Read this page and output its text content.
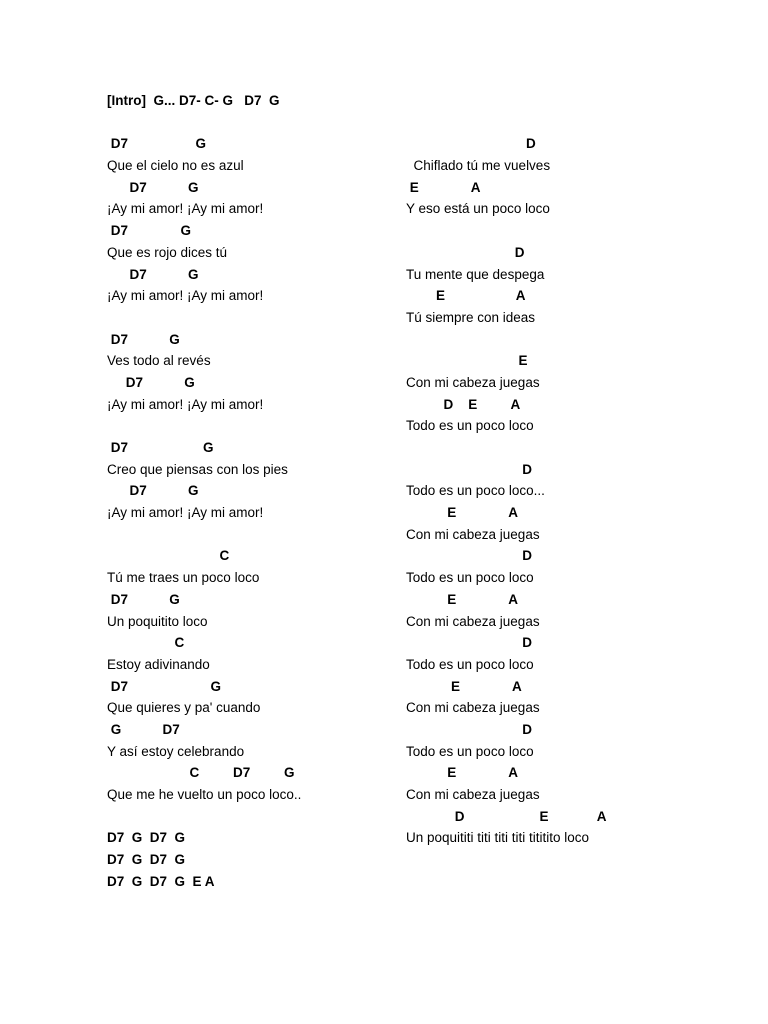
[Intro]  G... D7- C- G   D7  G
D7                  G
Que el cielo no es azul
D7           G
¡Ay mi amor! ¡Ay mi amor!
D7              G
Que es rojo dices tú
D7           G
¡Ay mi amor! ¡Ay mi amor!
D7           G
Ves todo al revés
D7           G
¡Ay mi amor! ¡Ay mi amor!
D7                    G
Creo que piensas con los pies
D7           G
¡Ay mi amor! ¡Ay mi amor!
C
Tú me traes un poco loco
D7           G
Un poquitito loco
C
Estoy adivinando
D7                      G
Que quieres y pa' cuando
G           D7
Y así estoy celebrando
C         D7         G
Que me he vuelto un poco loco..
D7  G  D7  G
D7  G  D7  G
D7  G  D7  G  E A
D
Chiflado tú me vuelves
E              A
Y eso está un poco loco
D
Tu mente que despega
E                   A
Tú siempre con ideas
E
Con mi cabeza juegas
D    E         A
Todo es un poco loco
D
Todo es un poco loco...
E              A
Con mi cabeza juegas
D
Todo es un poco loco
E              A
Con mi cabeza juegas
D
Todo es un poco loco
E              A
Con mi cabeza juegas
D
Todo es un poco loco
E              A
Con mi cabeza juegas
D                    E             A
Un poquititi titi titi titi tititito loco
